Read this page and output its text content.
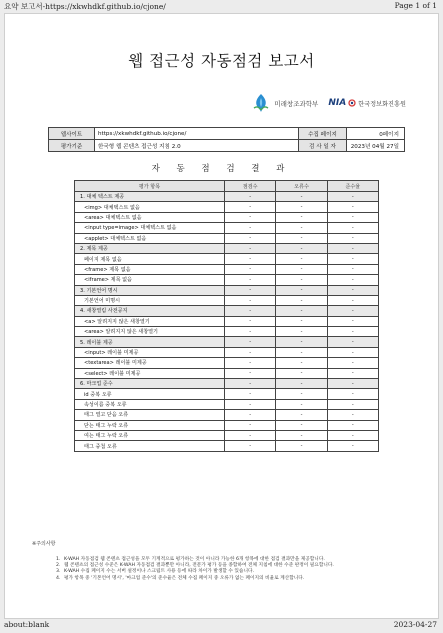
요약 보고서-https://xkwhdkf.github.io/cjone/	Page 1 of 1
웹 접근성 자동점검 보고서
미래창조과학부 NIA 한국정보화진흥원
웹사이트	https://xkwhdkf.github.io/cjone/	수집 페이지	0페이지
평가기준	한국형 웹 콘텐츠 접근성 지침 2.0	검 사 일 자	2023년 04월 27일
자 동 점 검 결 과
평가 항목	점검수	오류수	준수율
1. 대체 텍스트 제공	-	-	-
<img> 대체텍스트 없음	-	-	-
<area> 대체텍스트 없음	-	-	-
<input type=image> 대체텍스트 없음	-	-	-
<applet> 대체텍스트 없음	-	-	-
2. 제목 제공	-	-	-
페이지 제목 없음	-	-	-
<frame> 제목 없음	-	-	-
<iframe> 제목 없음	-	-	-
3. 기본언어 명시	-	-	-
기본언어 미명시	-	-	-
4. 새창열림 사전공지	-	-	-
<a> 알려지지 않은 새창열기	-	-	-
<area> 알려지지 않은 새창열기	-	-	-
5. 레이블 제공	-	-	-
<input> 레이블 미제공	-	-	-
<textarea> 레이블 미제공	-	-	-
<select> 레이블 미제공	-	-	-
6. 마크업 준수	-	-	-
id 중복 오류	-	-	-
속성이름 중복 오류	-	-	-
태그 열고 닫음 오류	-	-	-
닫는 태그 누락 오류	-	-	-
여는 태그 누락 오류	-	-	-
태그 중첩 오류	-	-	-
※주의사항
1. K-WAH 자동점검 웹 콘텐츠 접근성을 모두 기계적으로 평가하는 것이 아니라 가능한 6개 항목에 대한 점검 결과만을 제공합니다.
2. 웹 콘텐츠의 접근성 수준은 K-WAH 자동점검 결과뿐만 아니라, 전문가 평가 등을 종합하여 전체 지침에 대한 수준 판정이 필요합니다.
3. K-WAH 수집 페이지 수는 서버 설정이나 스크립트 사용 등에 따라 차이가 발생할 수 있습니다.
4. 평가 항목 중 '기본언어 명시', '마크업 준수'의 준수율은 전체 수집 페이지 중 오류가 없는 페이지의 비율로 계산합니다.
about:blank	2023-04-27
